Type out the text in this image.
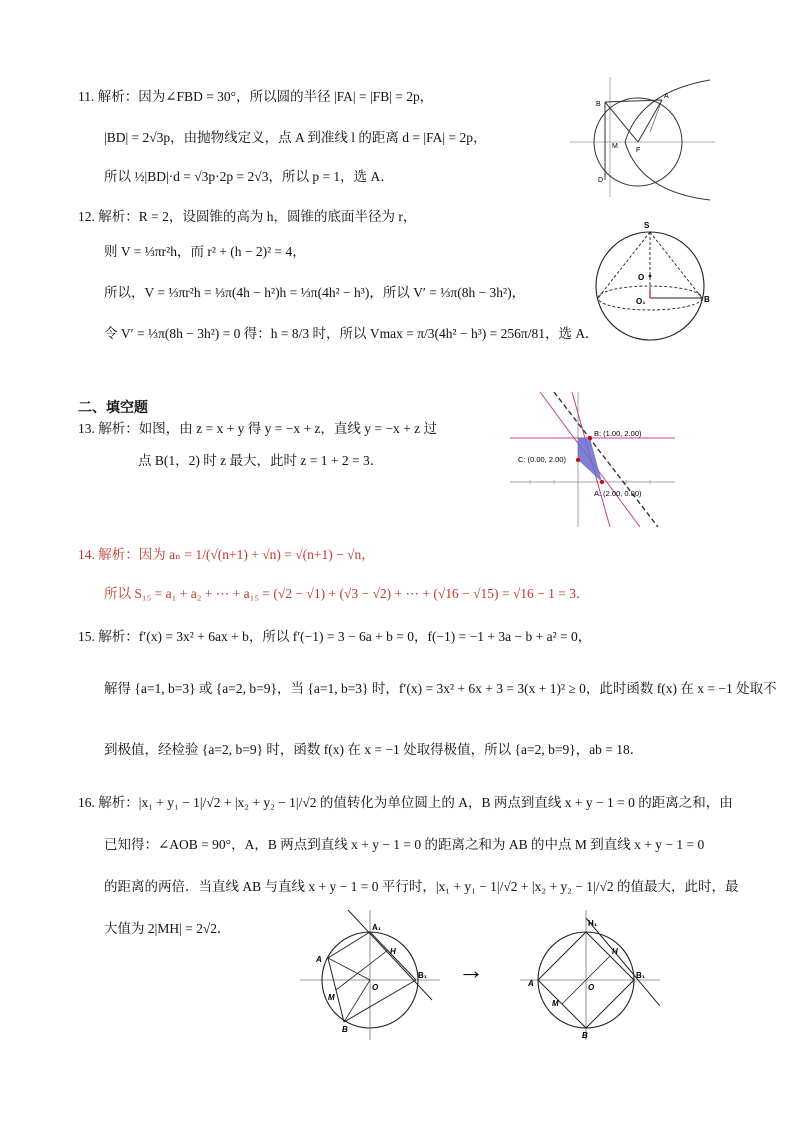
11. 解析：因为∠FBD = 30°，所以圆的半径 |FA| = |FB| = 2p，
|BD| = 2√3p，由抛物线定义，点 A 到准线 l 的距离 d = |FA| = 2p，
所以 ½|BD|·d = √3p·2p = 2√3，所以 p = 1，选 A．
B
A
M
F
D
12. 解析：R = 2，设圆锥的高为 h，圆锥的底面半径为 r，
则 V = ⅓πr²h，而 r² + (h − 2)² = 4，
所以，V = ⅓πr²h = ⅓π(4h − h²)h = ⅓π(4h² − h³)，所以 V′ = ⅓π(8h − 3h²)，
令 V′ = ⅓π(8h − 3h²) = 0 得：h = 8/3 时，所以 Vmax = π/3(4h² − h³) = 256π/81，选 A．
S
O
O₁	B
二、填空题
13. 解析：如图，由 z = x + y 得 y = −x + z，直线 y = −x + z 过
点 B(1，2) 时 z 最大，此时 z = 1 + 2 = 3．
B: (1.00, 2.00)
C: (0.00, 2.00)
A: (2.00, 0.00)
14. 解析：因为 aₙ = 1/(√(n+1) + √n) = √(n+1) − √n，
所以 S₁₅ = a₁ + a₂ + ⋯ + a₁₅ = (√2 − √1) + (√3 − √2) + ⋯ + (√16 − √15) = √16 − 1 = 3．
15. 解析：f′(x) = 3x² + 6ax + b，所以 f′(−1) = 3 − 6a + b = 0，f(−1) = −1 + 3a − b + a² = 0，
解得 {a=1, b=3} 或 {a=2, b=9}，当 {a=1, b=3} 时，f′(x) = 3x² + 6x + 3 = 3(x + 1)² ≥ 0，此时函数 f(x) 在 x = −1 处取不
到极值，经检验 {a=2, b=9} 时，函数 f(x) 在 x = −1 处取得极值，所以 {a=2, b=9}，ab = 18．
16. 解析：|x₁ + y₁ − 1|/√2 + |x₂ + y₂ − 1|/√2 的值转化为单位圆上的 A，B 两点到直线 x + y − 1 = 0 的距离之和，由
已知得：∠AOB = 90°，A，B 两点到直线 x + y − 1 = 0 的距离之和为 AB 的中点 M 到直线 x + y − 1 = 0
的距离的两倍．当直线 AB 与直线 x + y − 1 = 0 平行时，|x₁ + y₁ − 1|/√2 + |x₂ + y₂ − 1|/√2 的值最大，此时，最
大值为 2|MH| = 2√2．
A
A₁
H
B₁
O
M
B
→
H₁
H
B₁
A	O
M
B
